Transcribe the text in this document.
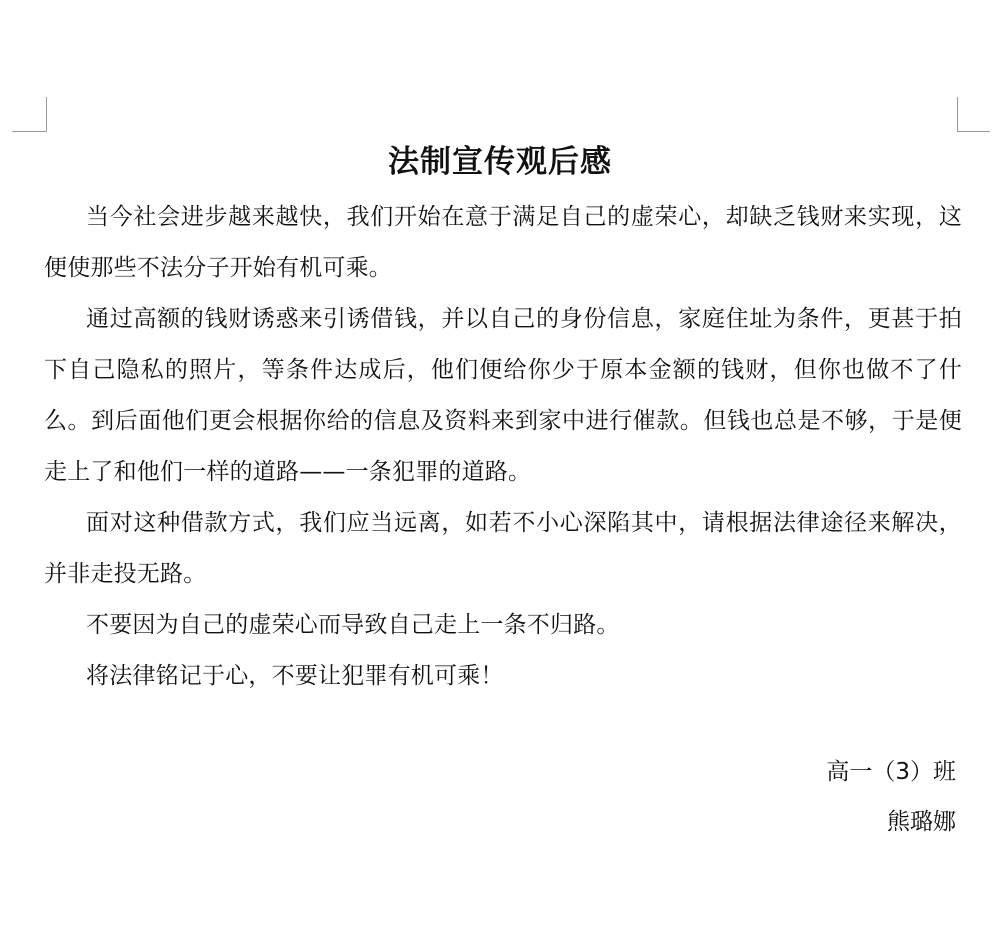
法制宣传观后感

当今社会进步越来越快，我们开始在意于满足自己的虚荣心，却缺乏钱财来实现，这便使那些不法分子开始有机可乘。

通过高额的钱财诱惑来引诱借钱，并以自己的身份信息，家庭住址为条件，更甚于拍下自己隐私的照片，等条件达成后，他们便给你少于原本金额的钱财，但你也做不了什么。到后面他们更会根据你给的信息及资料来到家中进行催款。但钱也总是不够，于是便走上了和他们一样的道路——一条犯罪的道路。

面对这种借款方式，我们应当远离，如若不小心深陷其中，请根据法律途径来解决，并非走投无路。

不要因为自己的虚荣心而导致自己走上一条不归路。

将法律铭记于心，不要让犯罪有机可乘！

高一（3）班
熊璐娜
